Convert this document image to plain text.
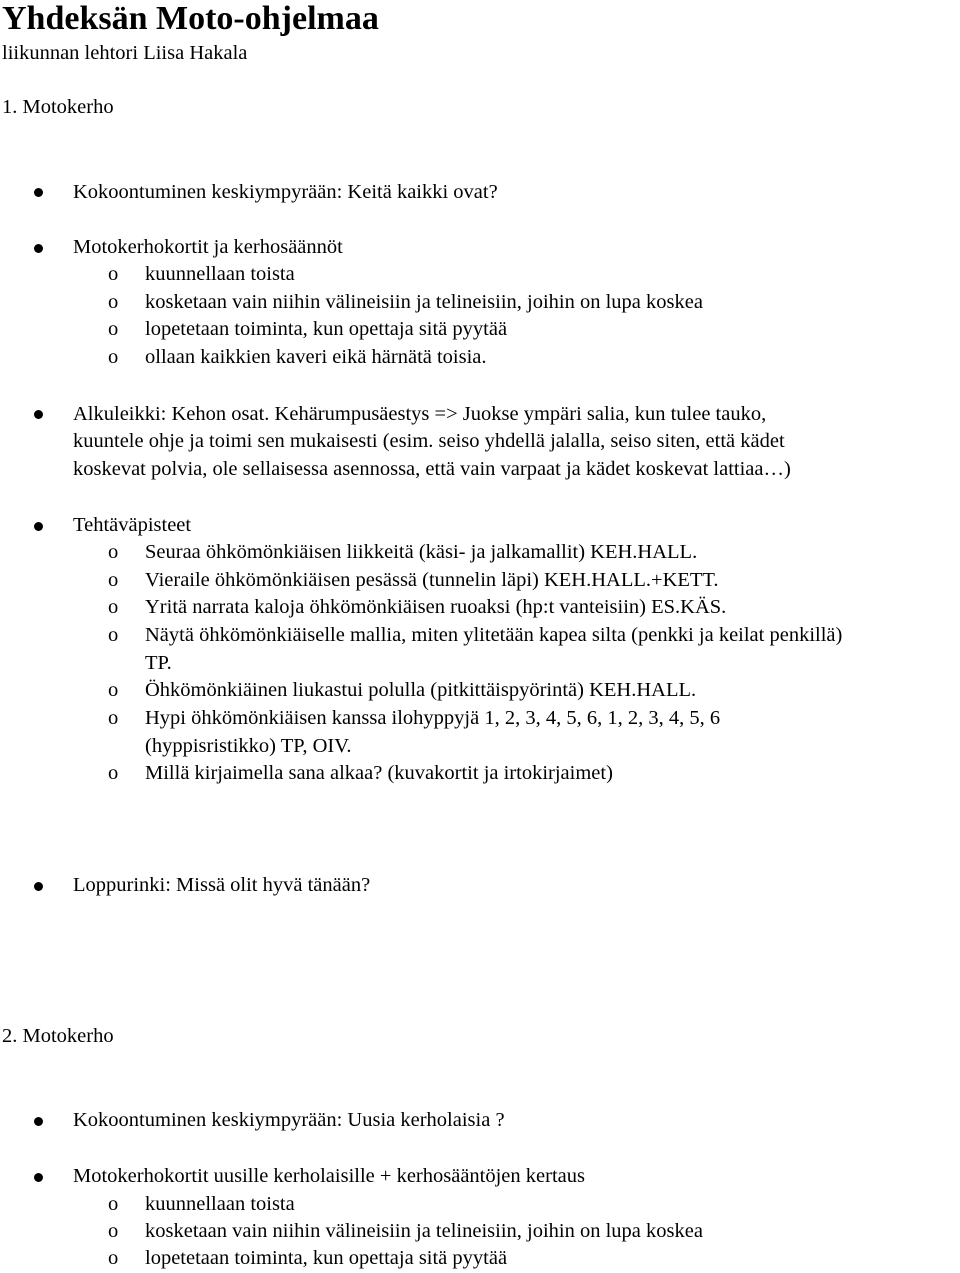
Yhdeksän Moto-ohjelmaa
liikunnan lehtori Liisa Hakala
1. Motokerho
Kokoontuminen keskiympyrään: Keitä kaikki ovat?
Motokerhokortit ja kerhosäännöt
o kuunnellaan toista
o kosketaan vain niihin välineisiin ja telineisiin, joihin on lupa koskea
o lopetetaan toiminta, kun opettaja sitä pyytää
o ollaan kaikkien kaveri eikä härnätä toisia.
Alkuleikki: Kehon osat. Kehärumpusäestys => Juokse ympäri salia, kun tulee tauko,
kuuntele ohje ja toimi sen mukaisesti (esim. seiso yhdellä jalalla, seiso siten, että kädet
koskevat polvia, ole sellaisessa asennossa, että vain varpaat ja kädet koskevat lattiaa…)
Tehtäväpisteet
o Seuraa öhkömönkiäisen liikkeitä (käsi- ja jalkamallit) KEH.HALL.
o Vieraile öhkömönkiäisen pesässä (tunnelin läpi) KEH.HALL.+KETT.
o Yritä narrata kaloja öhkömönkiäisen ruoaksi (hp:t vanteisiin) ES.KÄS.
o Näytä öhkömönkiäiselle mallia, miten ylitetään kapea silta (penkki ja keilat penkillä)
TP.
o Öhkömönkiäinen liukastui polulla (pitkittäispyörintä) KEH.HALL.
o Hypi öhkömönkiäisen kanssa ilohyppyjä 1, 2, 3, 4, 5, 6, 1, 2, 3, 4, 5, 6
(hyppisristikko) TP, OIV.
o Millä kirjaimella sana alkaa? (kuvakortit ja irtokirjaimet)
Loppurinki: Missä olit hyvä tänään?
2. Motokerho
Kokoontuminen keskiympyrään: Uusia kerholaisia ?
Motokerhokortit uusille kerholaisille + kerhosääntöjen kertaus
o kuunnellaan toista
o kosketaan vain niihin välineisiin ja telineisiin, joihin on lupa koskea
o lopetetaan toiminta, kun opettaja sitä pyytää
